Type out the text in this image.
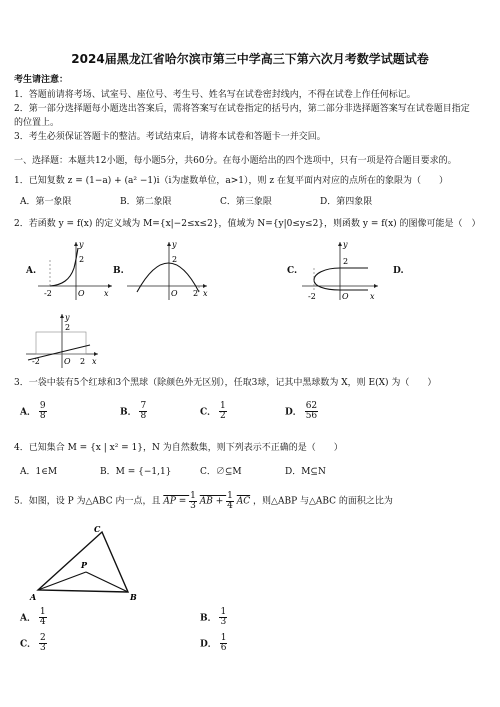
2024届黑龙江省哈尔滨市第三中学高三下第六次月考数学试题试卷
考生请注意：
1．答题前请将考场、试室号、座位号、考生号、姓名写在试卷密封线内，不得在试卷上作任何标记。
2．第一部分选择题每小题选出答案后，需将答案写在试卷指定的括号内，第二部分非选择题答案写在试卷题目指定
的位置上。
3．考生必须保证答题卡的整洁。考试结束后，请将本试卷和答题卡一并交回。
一、选择题：本题共12小题，每小题5分，共60分。在每小题给出的四个选项中，只有一项是符合题目要求的。
1．已知复数 z = (1−a) + (a² −1)i（i为虚数单位，a>1），则 z 在复平面内对应的点所在的象限为（　　）
A．第一象限	B．第二象限	C．第三象限	D．第四象限
2．若函数 y = f(x) 的定义域为 M={x|−2≤x≤2}，值域为 N={y|0≤y≤2}，则函数 y = f(x) 的图像可能是（　）
A.	B.	C.	D.
y
2
-2	O x
y
2
O 2 x
y
2
-2	O	x
y
2
-2	O 2 x
3．一袋中装有5个红球和3个黑球（除颜色外无区别），任取3球，记其中黑球数为 X，则 E(X) 为（　　）
A． $\frac{9}{8}$	B． $\frac{7}{8}$	C． $\frac{1}{2}$	D． $\frac{62}{56}$
4．已知集合 M = {x | x² = 1}，N 为自然数集，则下列表示不正确的是（　　）
A．1∈M	B．M = {−1,1}	C．∅⊆M	D．M⊆N
5．如图，设 P 为△ABC 内一点，且 AP = $\frac{1}{3}$ AB + $\frac{1}{4} \overline{AC}$ ，则△ABP 与△ABC 的面积之比为
C
P
A	B
A． $\frac{1}{4}$	B． $\frac{1}{3}$
C． $\frac{2}{3}$	D． $\frac{1}{6}$
